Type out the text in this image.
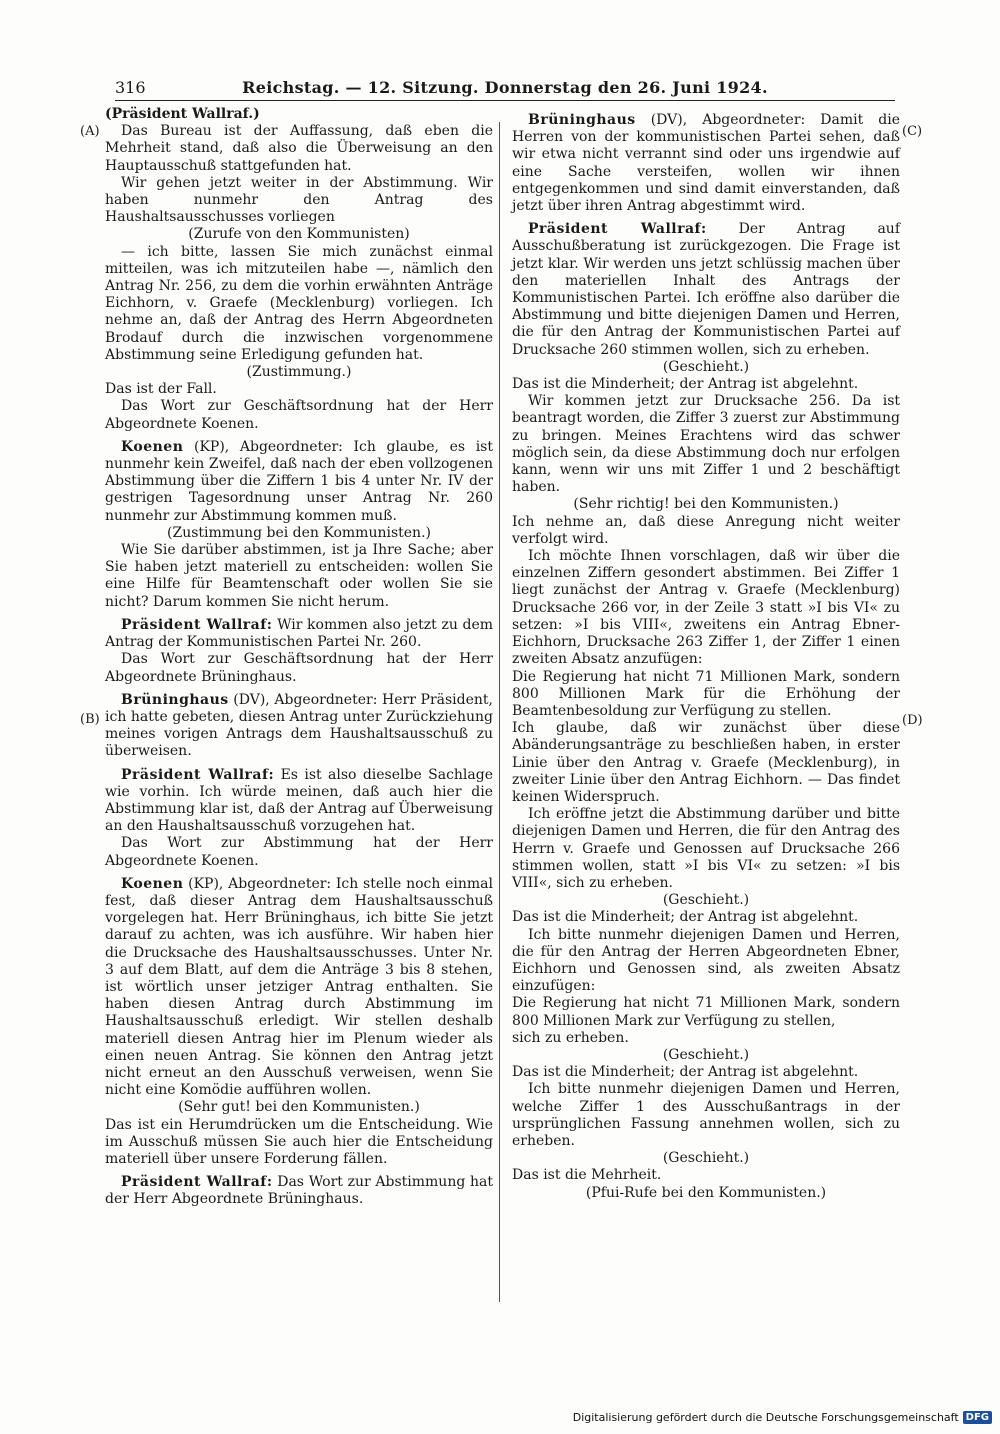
316	Reichstag. — 12. Sitzung. Donnerstag den 26. Juni 1924.
(A)
(B)
(C)
(D)

(Präsident Wallraf.)

Das Bureau ist der Auffassung, daß eben die Mehrheit stand, daß also die Überweisung an den Hauptausschuß stattgefunden hat.

Wir gehen jetzt weiter in der Abstimmung. Wir haben nunmehr den Antrag des Haushaltsausschusses vorliegen

(Zurufe von den Kommunisten)

— ich bitte, lassen Sie mich zunächst einmal mitteilen, was ich mitzuteilen habe —, nämlich den Antrag Nr. 256, zu dem die vorhin erwähnten Anträge Eichhorn, v. Graefe (Mecklenburg) vorliegen. Ich nehme an, daß der Antrag des Herrn Abgeordneten Brodauf durch die inzwischen vorgenommene Abstimmung seine Erledigung gefunden hat.

(Zustimmung.)

Das ist der Fall.

Das Wort zur Geschäftsordnung hat der Herr Abgeordnete Koenen.

Koenen (KP), Abgeordneter: Ich glaube, es ist nunmehr kein Zweifel, daß nach der eben vollzogenen Abstimmung über die Ziffern 1 bis 4 unter Nr. IV der gestrigen Tagesordnung unser Antrag Nr. 260 nunmehr zur Abstimmung kommen muß.

(Zustimmung bei den Kommunisten.)

Wie Sie darüber abstimmen, ist ja Ihre Sache; aber Sie haben jetzt materiell zu entscheiden: wollen Sie eine Hilfe für Beamtenschaft oder wollen Sie sie nicht? Darum kommen Sie nicht herum.

Präsident Wallraf: Wir kommen also jetzt zu dem Antrag der Kommunistischen Partei Nr. 260.

Das Wort zur Geschäftsordnung hat der Herr Abgeordnete Brüninghaus.

Brüninghaus (DV), Abgeordneter: Herr Präsident, ich hatte gebeten, diesen Antrag unter Zurückziehung meines vorigen Antrags dem Haushaltsausschuß zu überweisen.

Präsident Wallraf: Es ist also dieselbe Sachlage wie vorhin. Ich würde meinen, daß auch hier die Abstimmung klar ist, daß der Antrag auf Überweisung an den Haushaltsausschuß vorzugehen hat.

Das Wort zur Abstimmung hat der Herr Abgeordnete Koenen.

Koenen (KP), Abgeordneter: Ich stelle noch einmal fest, daß dieser Antrag dem Haushaltsausschuß vorgelegen hat. Herr Brüninghaus, ich bitte Sie jetzt darauf zu achten, was ich ausführe. Wir haben hier die Drucksache des Haushaltsausschusses. Unter Nr. 3 auf dem Blatt, auf dem die Anträge 3 bis 8 stehen, ist wörtlich unser jetziger Antrag enthalten. Sie haben diesen Antrag durch Abstimmung im Haushaltsausschuß erledigt. Wir stellen deshalb materiell diesen Antrag hier im Plenum wieder als einen neuen Antrag. Sie können den Antrag jetzt nicht erneut an den Ausschuß verweisen, wenn Sie nicht eine Komödie aufführen wollen.

(Sehr gut! bei den Kommunisten.)

Das ist ein Herumdrücken um die Entscheidung. Wie im Ausschuß müssen Sie auch hier die Entscheidung materiell über unsere Forderung fällen.

Präsident Wallraf: Das Wort zur Abstimmung hat der Herr Abgeordnete Brüninghaus.

Brüninghaus (DV), Abgeordneter: Damit die Herren von der kommunistischen Partei sehen, daß wir etwa nicht verrannt sind oder uns irgendwie auf eine Sache versteifen, wollen wir ihnen entgegenkommen und sind damit einverstanden, daß jetzt über ihren Antrag abgestimmt wird.

Präsident Wallraf: Der Antrag auf Ausschußberatung ist zurückgezogen. Die Frage ist jetzt klar. Wir werden uns jetzt schlüssig machen über den materiellen Inhalt des Antrags der Kommunistischen Partei. Ich eröffne also darüber die Abstimmung und bitte diejenigen Damen und Herren, die für den Antrag der Kommunistischen Partei auf Drucksache 260 stimmen wollen, sich zu erheben.

(Geschieht.)

Das ist die Minderheit; der Antrag ist abgelehnt.

Wir kommen jetzt zur Drucksache 256. Da ist beantragt worden, die Ziffer 3 zuerst zur Abstimmung zu bringen. Meines Erachtens wird das schwer möglich sein, da diese Abstimmung doch nur erfolgen kann, wenn wir uns mit Ziffer 1 und 2 beschäftigt haben.

(Sehr richtig! bei den Kommunisten.)

Ich nehme an, daß diese Anregung nicht weiter verfolgt wird.

Ich möchte Ihnen vorschlagen, daß wir über die einzelnen Ziffern gesondert abstimmen. Bei Ziffer 1 liegt zunächst der Antrag v. Graefe (Mecklenburg) Drucksache 266 vor, in der Zeile 3 statt »I bis VI« zu setzen: »I bis VIII«, zweitens ein Antrag Ebner-Eichhorn, Drucksache 263 Ziffer 1, der Ziffer 1 einen zweiten Absatz anzufügen:

Die Regierung hat nicht 71 Millionen Mark, sondern 800 Millionen Mark für die Erhöhung der Beamtenbesoldung zur Verfügung zu stellen.

Ich glaube, daß wir zunächst über diese Abänderungsanträge zu beschließen haben, in erster Linie über den Antrag v. Graefe (Mecklenburg), in zweiter Linie über den Antrag Eichhorn. — Das findet keinen Widerspruch.

Ich eröffne jetzt die Abstimmung darüber und bitte diejenigen Damen und Herren, die für den Antrag des Herrn v. Graefe und Genossen auf Drucksache 266 stimmen wollen, statt »I bis VI« zu setzen: »I bis VIII«, sich zu erheben.

(Geschieht.)

Das ist die Minderheit; der Antrag ist abgelehnt.

Ich bitte nunmehr diejenigen Damen und Herren, die für den Antrag der Herren Abgeordneten Ebner, Eichhorn und Genossen sind, als zweiten Absatz einzufügen:

Die Regierung hat nicht 71 Millionen Mark, sondern 800 Millionen Mark zur Verfügung zu stellen,

sich zu erheben.

(Geschieht.)

Das ist die Minderheit; der Antrag ist abgelehnt.

Ich bitte nunmehr diejenigen Damen und Herren, welche Ziffer 1 des Ausschußantrags in der ursprünglichen Fassung annehmen wollen, sich zu erheben.

(Geschieht.)

Das ist die Mehrheit.

(Pfui-Rufe bei den Kommunisten.)

Digitalisierung gefördert durch die Deutsche Forschungsgemeinschaft DFG
